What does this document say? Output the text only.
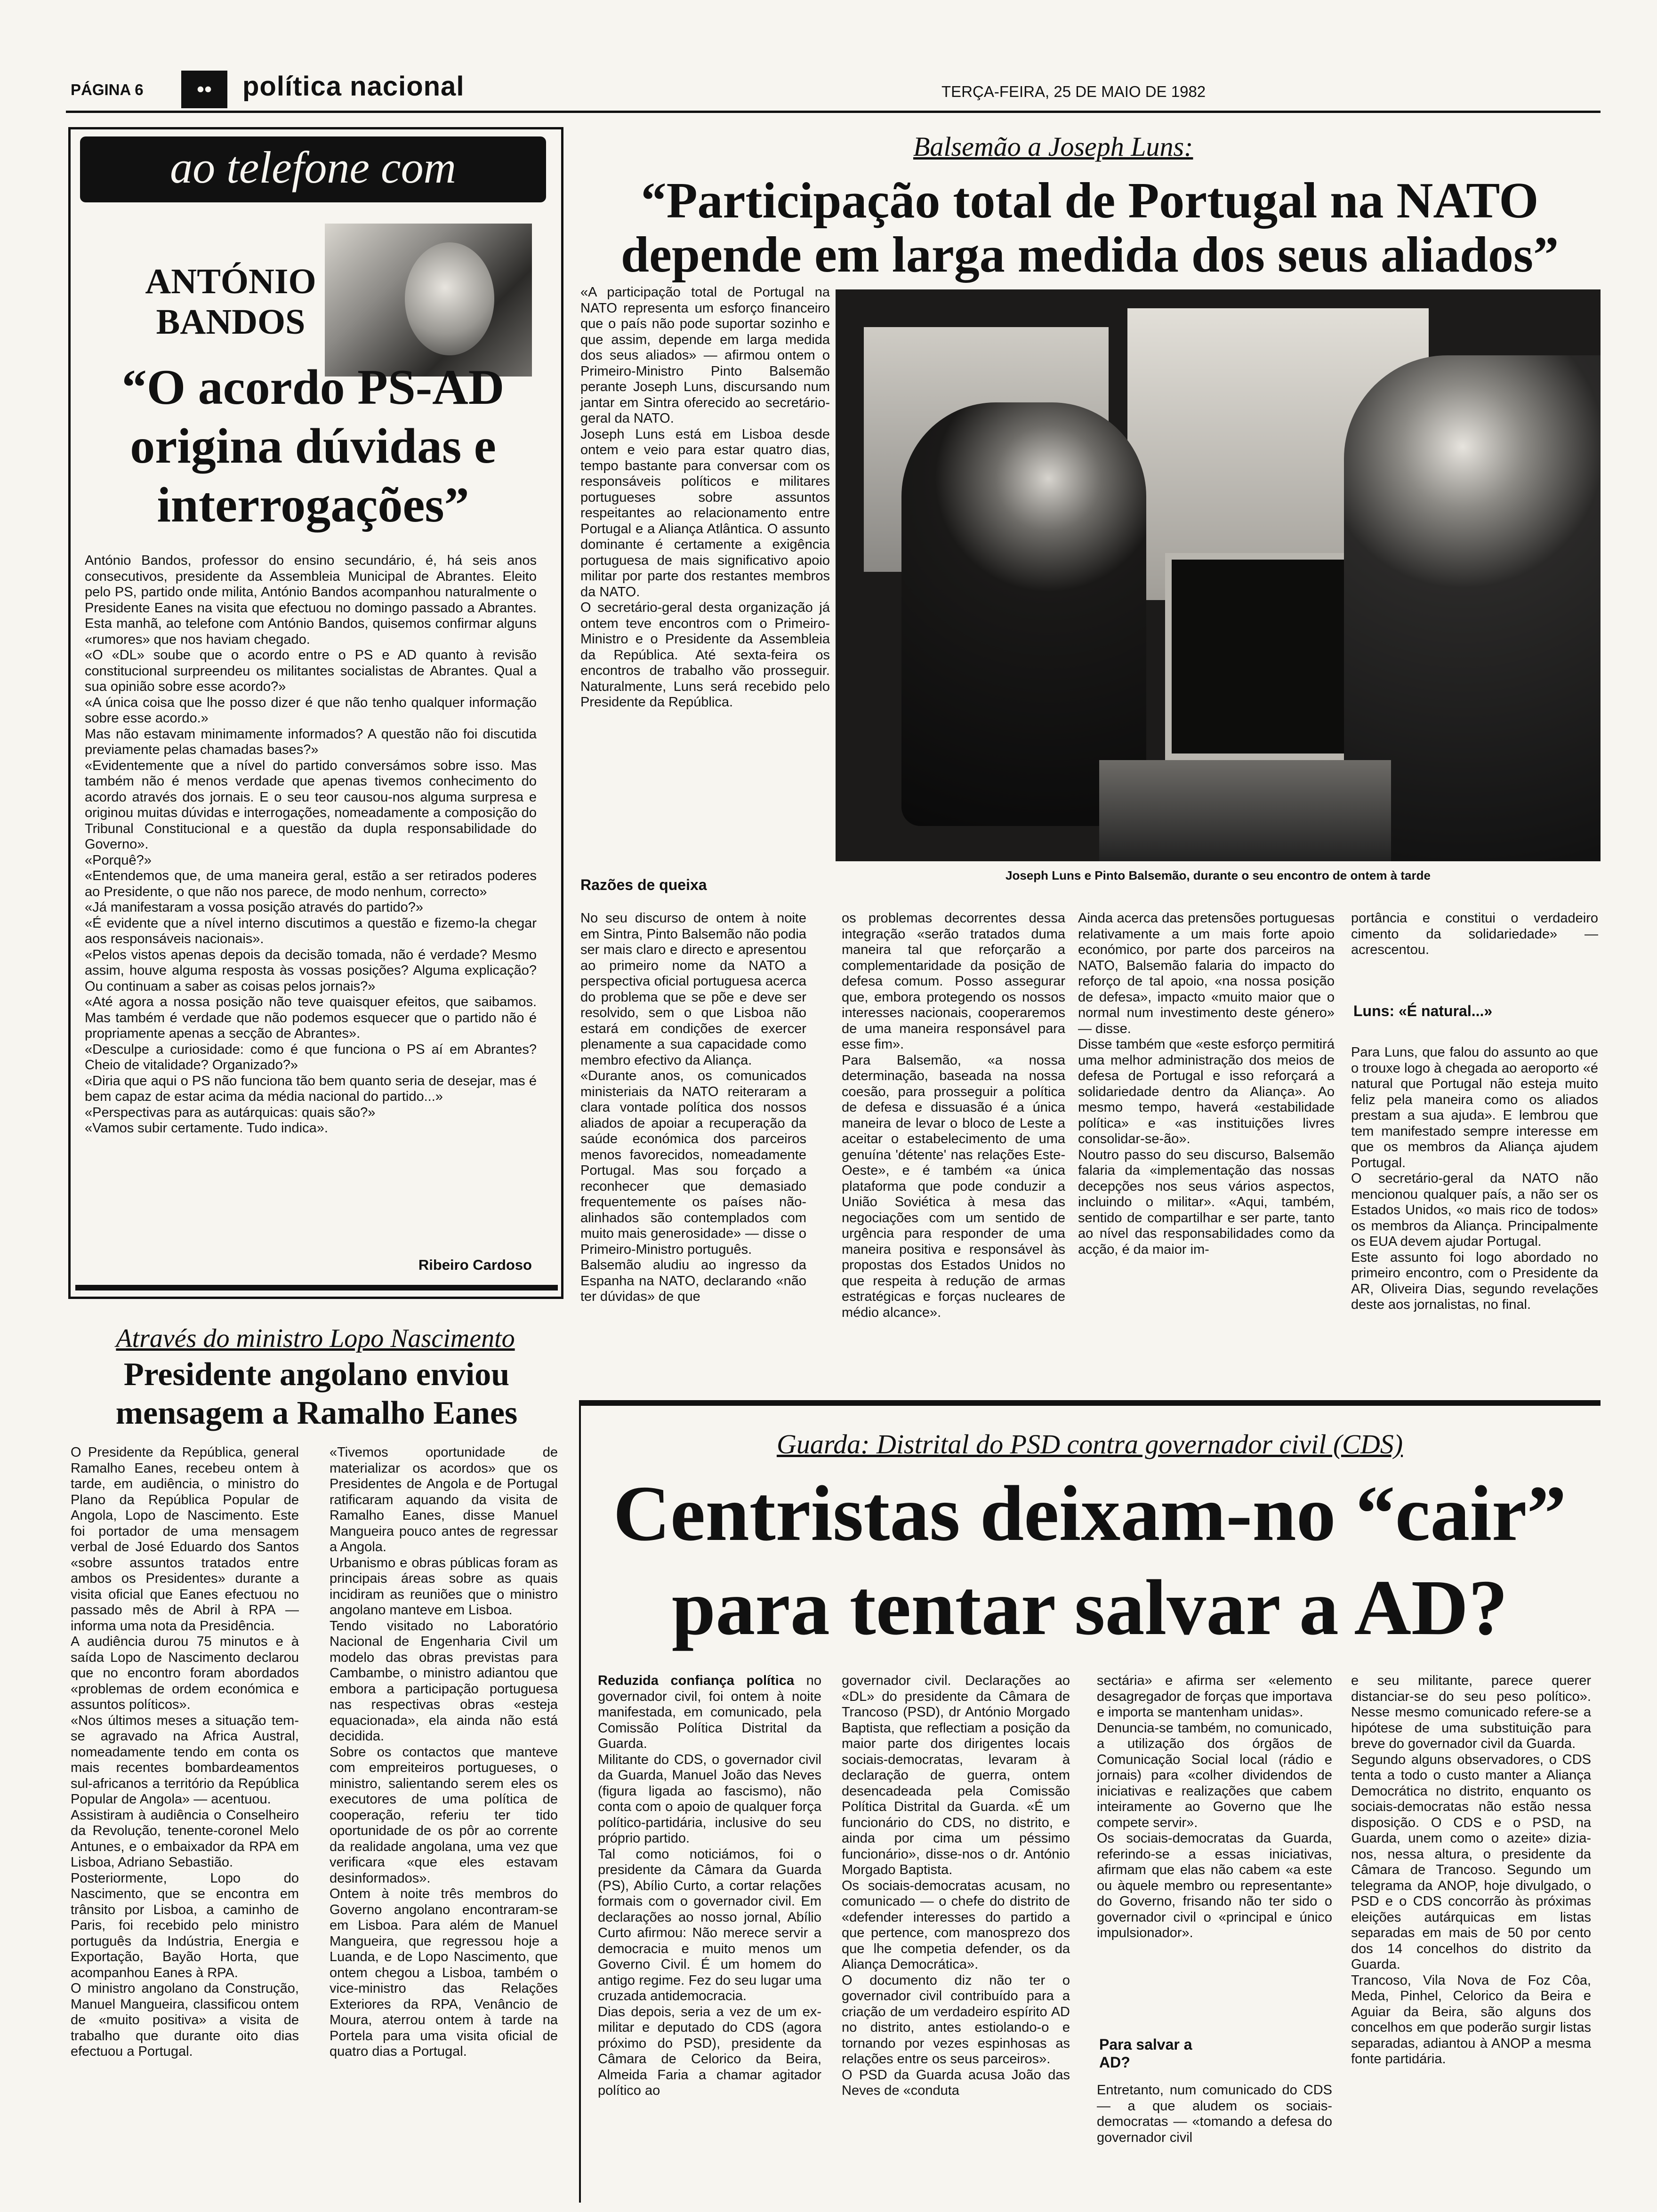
PÁGINA 6	••	política nacional	TERÇA-FEIRA, 25 DE MAIO DE 1982
ao telefone com
ANTÓNIO BANDOS
“O acordo PS-AD origina dúvidas e interrogações”
António Bandos, professor do ensino secundário, é, há seis anos consecutivos, presidente da Assembleia Municipal de Abrantes. Eleito pelo PS, partido onde milita, António Bandos acompanhou naturalmente o Presidente Eanes na visita que efectuou no domingo passado a Abrantes. Esta manhã, ao telefone com António Bandos, quisemos confirmar alguns «rumores» que nos haviam chegado.
«O «DL» soube que o acordo entre o PS e AD quanto à revisão constitucional surpreendeu os militantes socialistas de Abrantes. Qual a sua opinião sobre esse acordo?»
«A única coisa que lhe posso dizer é que não tenho qualquer informação sobre esse acordo.»
Mas não estavam minimamente informados? A questão não foi discutida previamente pelas chamadas bases?»
«Evidentemente que a nível do partido conversámos sobre isso. Mas também não é menos verdade que apenas tivemos conhecimento do acordo através dos jornais. E o seu teor causou-nos alguma surpresa e originou muitas dúvidas e interrogações, nomeadamente a composição do Tribunal Constitucional e a questão da dupla responsabilidade do Governo».
«Porquê?»
«Entendemos que, de uma maneira geral, estão a ser retirados poderes ao Presidente, o que não nos parece, de modo nenhum, correcto»
«Já manifestaram a vossa posição através do partido?»
«É evidente que a nível interno discutimos a questão e fizemo-la chegar aos responsáveis nacionais».
«Pelos vistos apenas depois da decisão tomada, não é verdade? Mesmo assim, houve alguma resposta às vossas posições? Alguma explicação? Ou continuam a saber as coisas pelos jornais?»
«Até agora a nossa posição não teve quaisquer efeitos, que saibamos. Mas também é verdade que não podemos esquecer que o partido não é propriamente apenas a secção de Abrantes».
«Desculpe a curiosidade: como é que funciona o PS aí em Abrantes? Cheio de vitalidade? Organizado?»
«Diria que aqui o PS não funciona tão bem quanto seria de desejar, mas é bem capaz de estar acima da média nacional do partido...»
«Perspectivas para as autárquicas: quais são?»
«Vamos subir certamente. Tudo indica».
Ribeiro Cardoso
Balsemão a Joseph Luns:
“Participação total de Portugal na NATO
depende em larga medida dos seus aliados”
«A participação total de Portugal na NATO representa um esforço financeiro que o país não pode suportar sozinho e que assim, depende em larga medida dos seus aliados» — afirmou ontem o Primeiro-Ministro Pinto Balsemão perante Joseph Luns, discursando num jantar em Sintra oferecido ao secretário-geral da NATO.
Joseph Luns está em Lisboa desde ontem e veio para estar quatro dias, tempo bastante para conversar com os responsáveis políticos e militares portugueses sobre assuntos respeitantes ao relacionamento entre Portugal e a Aliança Atlântica. O assunto dominante é certamente a exigência portuguesa de mais significativo apoio militar por parte dos restantes membros da NATO.
O secretário-geral desta organização já ontem teve encontros com o Primeiro-Ministro e o Presidente da Assembleia da República. Até sexta-feira os encontros de trabalho vão prosseguir. Naturalmente, Luns será recebido pelo Presidente da República.
Joseph Luns e Pinto Balsemão, durante o seu encontro de ontem à tarde
Razões de queixa
No seu discurso de ontem à noite em Sintra, Pinto Balsemão não podia ser mais claro e directo e apresentou ao primeiro nome da NATO a perspectiva oficial portuguesa acerca do problema que se põe e deve ser resolvido, sem o que Lisboa não estará em condições de exercer plenamente a sua capacidade como membro efectivo da Aliança.
«Durante anos, os comunicados ministeriais da NATO reiteraram a clara vontade política dos nossos aliados de apoiar a recuperação da saúde económica dos parceiros menos favorecidos, nomeadamente Portugal. Mas sou forçado a reconhecer que demasiado frequentemente os países não-alinhados são contemplados com muito mais generosidade» — disse o Primeiro-Ministro português.
Balsemão aludiu ao ingresso da Espanha na NATO, declarando «não ter dúvidas» de que
os problemas decorrentes dessa integração «serão tratados duma maneira tal que reforçarão a complementaridade da posição de defesa comum. Posso assegurar que, embora protegendo os nossos interesses nacionais, cooperaremos de uma maneira responsável para esse fim».
Para Balsemão, «a nossa determinação, baseada na nossa coesão, para prosseguir a política de defesa e dissuasão é a única maneira de levar o bloco de Leste a aceitar o estabelecimento de uma genuína 'détente' nas relações Este-Oeste», e é também «a única plataforma que pode conduzir a União Soviética à mesa das negociações com um sentido de urgência para responder de uma maneira positiva e responsável às propostas dos Estados Unidos no que respeita à redução de armas estratégicas e forças nucleares de médio alcance».
Ainda acerca das pretensões portuguesas relativamente a um mais forte apoio económico, por parte dos parceiros na NATO, Balsemão falaria do impacto do reforço de tal apoio, «na nossa posição de defesa», impacto «muito maior que o normal num investimento deste género» — disse.
Disse também que «este esforço permitirá uma melhor administração dos meios de defesa de Portugal e isso reforçará a solidariedade dentro da Aliança». Ao mesmo tempo, haverá «estabilidade política» e «as instituições livres consolidar-se-ão».
Noutro passo do seu discurso, Balsemão falaria da «implementação das nossas decepções nos seus vários aspectos, incluindo o militar». «Aqui, também, sentido de compartilhar e ser parte, tanto ao nível das responsabilidades como da acção, é da maior im-
portância e constitui o verdadeiro cimento da solidariedade» — acrescentou.
Luns: «É natural...»
Para Luns, que falou do assunto ao que o trouxe logo à chegada ao aeroporto «é natural que Portugal não esteja muito feliz pela maneira como os aliados prestam a sua ajuda». E lembrou que tem manifestado sempre interesse em que os membros da Aliança ajudem Portugal.
O secretário-geral da NATO não mencionou qualquer país, a não ser os Estados Unidos, «o mais rico de todos» os membros da Aliança. Principalmente os EUA devem ajudar Portugal.
Este assunto foi logo abordado no primeiro encontro, com o Presidente da AR, Oliveira Dias, segundo revelações deste aos jornalistas, no final.
Através do ministro Lopo Nascimento
Presidente angolano enviou mensagem a Ramalho Eanes
O Presidente da República, general Ramalho Eanes, recebeu ontem à tarde, em audiência, o ministro do Plano da República Popular de Angola, Lopo de Nascimento. Este foi portador de uma mensagem verbal de José Eduardo dos Santos «sobre assuntos tratados entre ambos os Presidentes» durante a visita oficial que Eanes efectuou no passado mês de Abril à RPA — informa uma nota da Presidência.
A audiência durou 75 minutos e à saída Lopo de Nascimento declarou que no encontro foram abordados «problemas de ordem económica e assuntos políticos».
«Nos últimos meses a situação tem-se agravado na Africa Austral, nomeadamente tendo em conta os mais recentes bombardeamentos sul-africanos a território da República Popular de Angola» — acentuou.
Assistiram à audiência o Conselheiro da Revolução, tenente-coronel Melo Antunes, e o embaixador da RPA em Lisboa, Adriano Sebastião.
Posteriormente, Lopo do Nascimento, que se encontra em trânsito por Lisboa, a caminho de Paris, foi recebido pelo ministro português da Indústria, Energia e Exportação, Bayão Horta, que acompanhou Eanes à RPA.
O ministro angolano da Construção, Manuel Mangueira, classificou ontem de «muito positiva» a visita de trabalho que durante oito dias efectuou a Portugal.
«Tivemos oportunidade de materializar os acordos» que os Presidentes de Angola e de Portugal ratificaram aquando da visita de Ramalho Eanes, disse Manuel Mangueira pouco antes de regressar a Angola.
Urbanismo e obras públicas foram as principais áreas sobre as quais incidiram as reuniões que o ministro angolano manteve em Lisboa.
Tendo visitado no Laboratório Nacional de Engenharia Civil um modelo das obras previstas para Cambambe, o ministro adiantou que embora a participação portuguesa nas respectivas obras «esteja equacionada», ela ainda não está decidida.
Sobre os contactos que manteve com empreiteiros portugueses, o ministro, salientando serem eles os executores de uma política de cooperação, referiu ter tido oportunidade de os pôr ao corrente da realidade angolana, uma vez que verificara «que eles estavam desinformados».
Ontem à noite três membros do Governo angolano encontraram-se em Lisboa. Para além de Manuel Mangueira, que regressou hoje a Luanda, e de Lopo Nascimento, que ontem chegou a Lisboa, também o vice-ministro das Relações Exteriores da RPA, Venâncio de Moura, aterrou ontem à tarde na Portela para uma visita oficial de quatro dias a Portugal.
Guarda: Distrital do PSD contra governador civil (CDS)
Centristas deixam-no “cair”
para tentar salvar a AD?
Reduzida confiança política no governador civil, foi ontem à noite manifestada, em comunicado, pela Comissão Política Distrital da Guarda.
Militante do CDS, o governador civil da Guarda, Manuel João das Neves (figura ligada ao fascismo), não conta com o apoio de qualquer força político-partidária, inclusive do seu próprio partido.
Tal como noticiámos, foi o presidente da Câmara da Guarda (PS), Abílio Curto, a cortar relações formais com o governador civil. Em declarações ao nosso jornal, Abílio Curto afirmou: Não merece servir a democracia e muito menos um Governo Civil. É um homem do antigo regime. Fez do seu lugar uma cruzada antidemocracia.
Dias depois, seria a vez de um ex-militar e deputado do CDS (agora próximo do PSD), presidente da Câmara de Celorico da Beira, Almeida Faria a chamar agitador político ao
governador civil. Declarações ao «DL» do presidente da Câmara de Trancoso (PSD), dr António Morgado Baptista, que reflectiam a posição da maior parte dos dirigentes locais sociais-democratas, levaram à declaração de guerra, ontem desencadeada pela Comissão Política Distrital da Guarda. «É um funcionário do CDS, no distrito, e ainda por cima um péssimo funcionário», disse-nos o dr. António Morgado Baptista.
Os sociais-democratas acusam, no comunicado — o chefe do distrito de «defender interesses do partido a que pertence, com manosprezo dos que lhe competia defender, os da Aliança Democrática».
O documento diz não ter o governador civil contribuído para a criação de um verdadeiro espírito AD no distrito, antes estiolando-o e tornando por vezes espinhosas as relações entre os seus parceiros».
O PSD da Guarda acusa João das Neves de «conduta
sectária» e afirma ser «elemento desagregador de forças que importava e importa se mantenham unidas».
Denuncia-se também, no comunicado, a utilização dos órgãos de Comunicação Social local (rádio e jornais) para «colher dividendos de iniciativas e realizações que cabem inteiramente ao Governo que lhe compete servir».
Os sociais-democratas da Guarda, referindo-se a essas iniciativas, afirmam que elas não cabem «a este ou àquele membro ou representante» do Governo, frisando não ter sido o governador civil o «principal e único impulsionador».
Para salvar a AD?
Entretanto, num comunicado do CDS — a que aludem os sociais-democratas — «tomando a defesa do governador civil
e seu militante, parece querer distanciar-se do seu peso político». Nesse mesmo comunicado refere-se a hipótese de uma substituição para breve do governador civil da Guarda.
Segundo alguns observadores, o CDS tenta a todo o custo manter a Aliança Democrática no distrito, enquanto os sociais-democratas não estão nessa disposição. O CDS e o PSD, na Guarda, unem como o azeite» dizia-nos, nessa altura, o presidente da Câmara de Trancoso. Segundo um telegrama da ANOP, hoje divulgado, o PSD e o CDS concorrão às próximas eleições autárquicas em listas separadas em mais de 50 por cento dos 14 concelhos do distrito da Guarda.
Trancoso, Vila Nova de Foz Côa, Meda, Pinhel, Celorico da Beira e Aguiar da Beira, são alguns dos concelhos em que poderão surgir listas separadas, adiantou à ANOP a mesma fonte partidária.
